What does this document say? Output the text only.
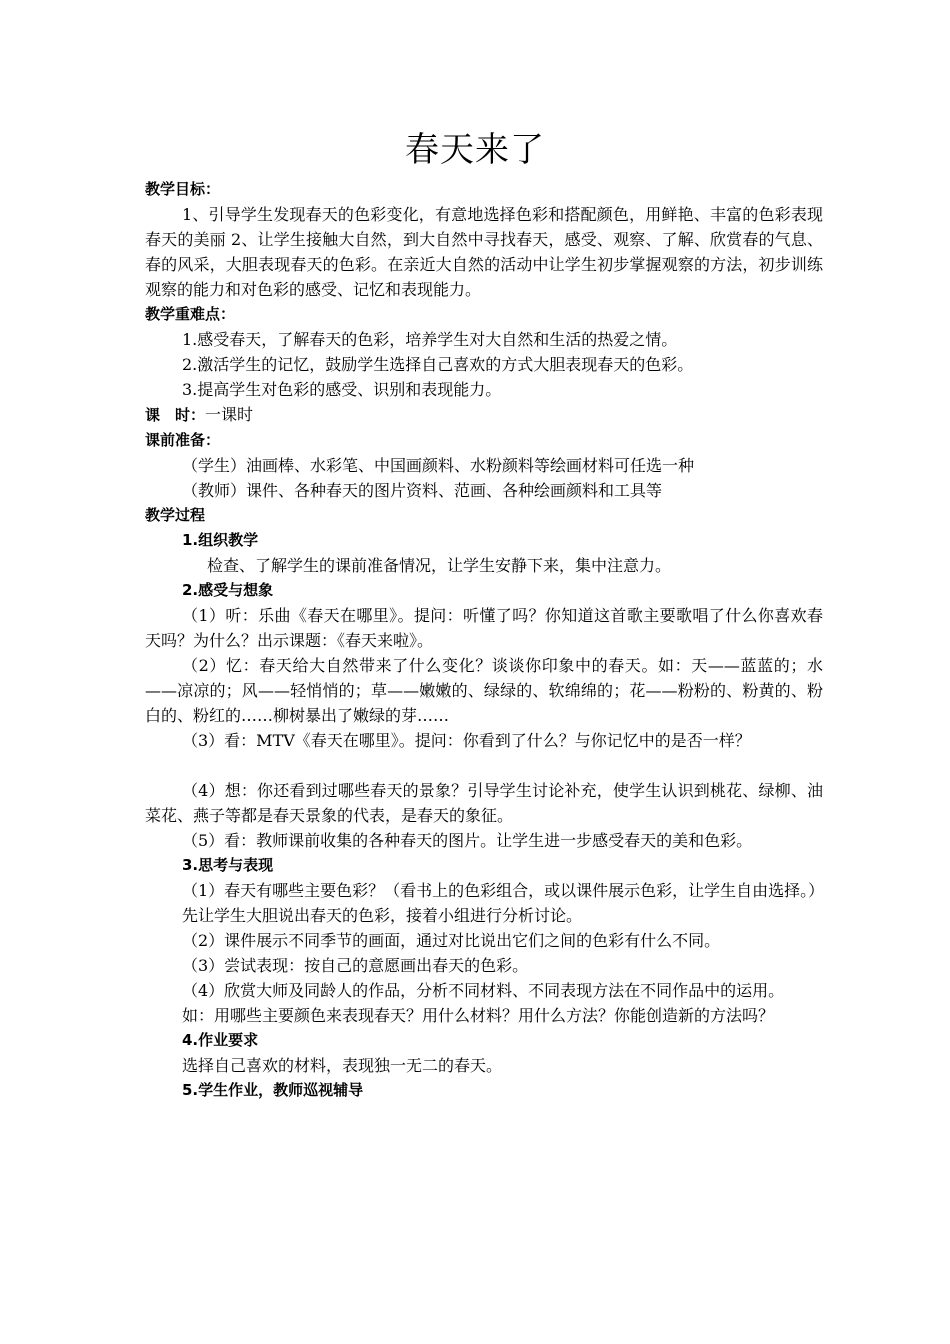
春天来了

教学目标：

1、引导学生发现春天的色彩变化，有意地选择色彩和搭配颜色，用鲜艳、丰富的色彩表现春天的美丽 2、让学生接触大自然，到大自然中寻找春天，感受、观察、了解、欣赏春的气息、春的风采，大胆表现春天的色彩。在亲近大自然的活动中让学生初步掌握观察的方法，初步训练观察的能力和对色彩的感受、记忆和表现能力。

教学重难点：

1.感受春天，了解春天的色彩，培养学生对大自然和生活的热爱之情。

2.激活学生的记忆，鼓励学生选择自己喜欢的方式大胆表现春天的色彩。

3.提高学生对色彩的感受、识别和表现能力。

课　时：一课时

课前准备：

（学生）油画棒、水彩笔、中国画颜料、水粉颜料等绘画材料可任选一种

（教师）课件、各种春天的图片资料、范画、各种绘画颜料和工具等

教学过程

1.组织教学

检查、了解学生的课前准备情况，让学生安静下来，集中注意力。

2.感受与想象

（1）听：乐曲《春天在哪里》。提问：听懂了吗？你知道这首歌主要歌唱了什么你喜欢春天吗？为什么？出示课题：《春天来啦》。

（2）忆：春天给大自然带来了什么变化？谈谈你印象中的春天。如：天——蓝蓝的；水——凉凉的；风——轻悄悄的；草——嫩嫩的、绿绿的、软绵绵的；花——粉粉的、粉黄的、粉白的、粉红的……柳树暴出了嫩绿的芽……

（3）看：MTV《春天在哪里》。提问：你看到了什么？与你记忆中的是否一样？

（4）想：你还看到过哪些春天的景象？引导学生讨论补充，使学生认识到桃花、绿柳、油菜花、燕子等都是春天景象的代表，是春天的象征。

（5）看：教师课前收集的各种春天的图片。让学生进一步感受春天的美和色彩。

3.思考与表现

（1）春天有哪些主要色彩？（看书上的色彩组合，或以课件展示色彩，让学生自由选择。）

先让学生大胆说出春天的色彩，接着小组进行分析讨论。

（2）课件展示不同季节的画面，通过对比说出它们之间的色彩有什么不同。

（3）尝试表现：按自己的意愿画出春天的色彩。

（4）欣赏大师及同龄人的作品，分析不同材料、不同表现方法在不同作品中的运用。

如：用哪些主要颜色来表现春天？用什么材料？用什么方法？你能创造新的方法吗？

4.作业要求

选择自己喜欢的材料，表现独一无二的春天。

5.学生作业，教师巡视辅导
